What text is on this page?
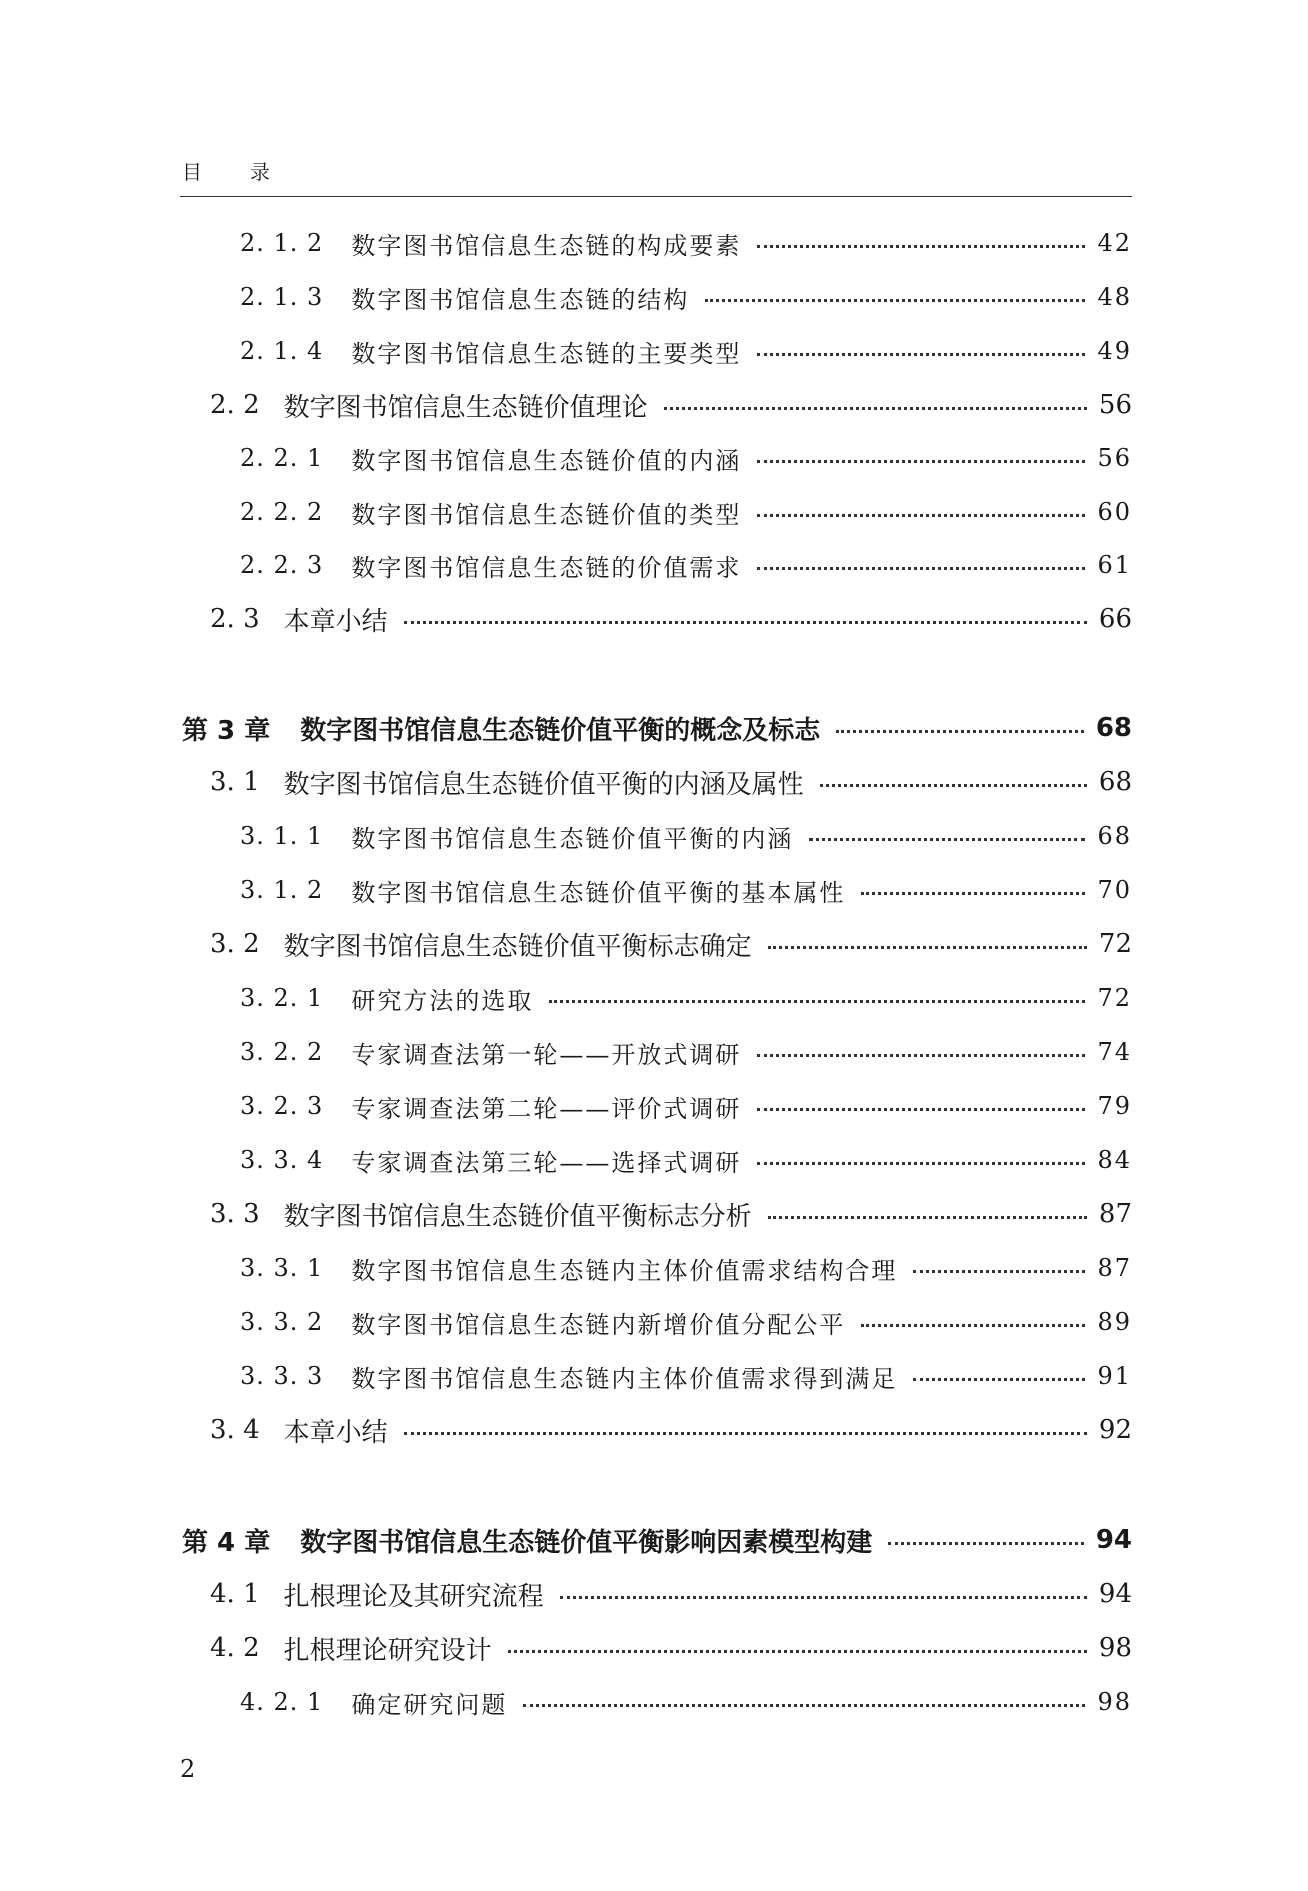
目 录
2. 1. 2 数字图书馆信息生态链的构成要素	42
2. 1. 3 数字图书馆信息生态链的结构	48
2. 1. 4 数字图书馆信息生态链的主要类型	49
2. 2 数字图书馆信息生态链价值理论	56
2. 2. 1 数字图书馆信息生态链价值的内涵	56
2. 2. 2 数字图书馆信息生态链价值的类型	60
2. 2. 3 数字图书馆信息生态链的价值需求	61
2. 3 本章小结	66
第 3 章 数字图书馆信息生态链价值平衡的概念及标志	68
3. 1 数字图书馆信息生态链价值平衡的内涵及属性	68
3. 1. 1 数字图书馆信息生态链价值平衡的内涵	68
3. 1. 2 数字图书馆信息生态链价值平衡的基本属性	70
3. 2 数字图书馆信息生态链价值平衡标志确定	72
3. 2. 1 研究方法的选取	72
3. 2. 2 专家调查法第一轮——开放式调研	74
3. 2. 3 专家调查法第二轮——评价式调研	79
3. 3. 4 专家调查法第三轮——选择式调研	84
3. 3 数字图书馆信息生态链价值平衡标志分析	87
3. 3. 1 数字图书馆信息生态链内主体价值需求结构合理	87
3. 3. 2 数字图书馆信息生态链内新增价值分配公平	89
3. 3. 3 数字图书馆信息生态链内主体价值需求得到满足	91
3. 4 本章小结	92
第 4 章 数字图书馆信息生态链价值平衡影响因素模型构建	94
4. 1 扎根理论及其研究流程	94
4. 2 扎根理论研究设计	98
4. 2. 1 确定研究问题	98
2
